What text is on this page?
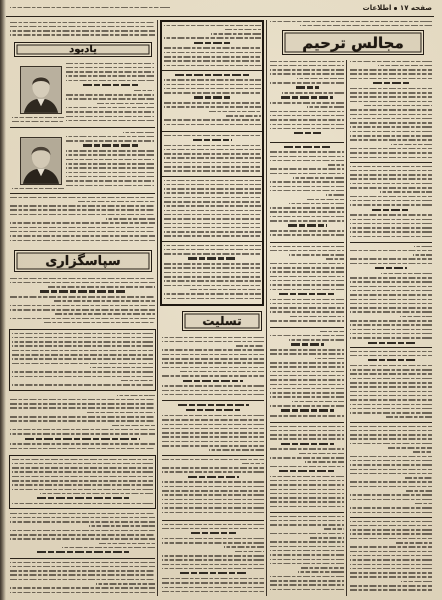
صفحه ۱۷
اطلاعات
یادبود
سپاسگزاری
تسلیت
مجالس ترحیم
